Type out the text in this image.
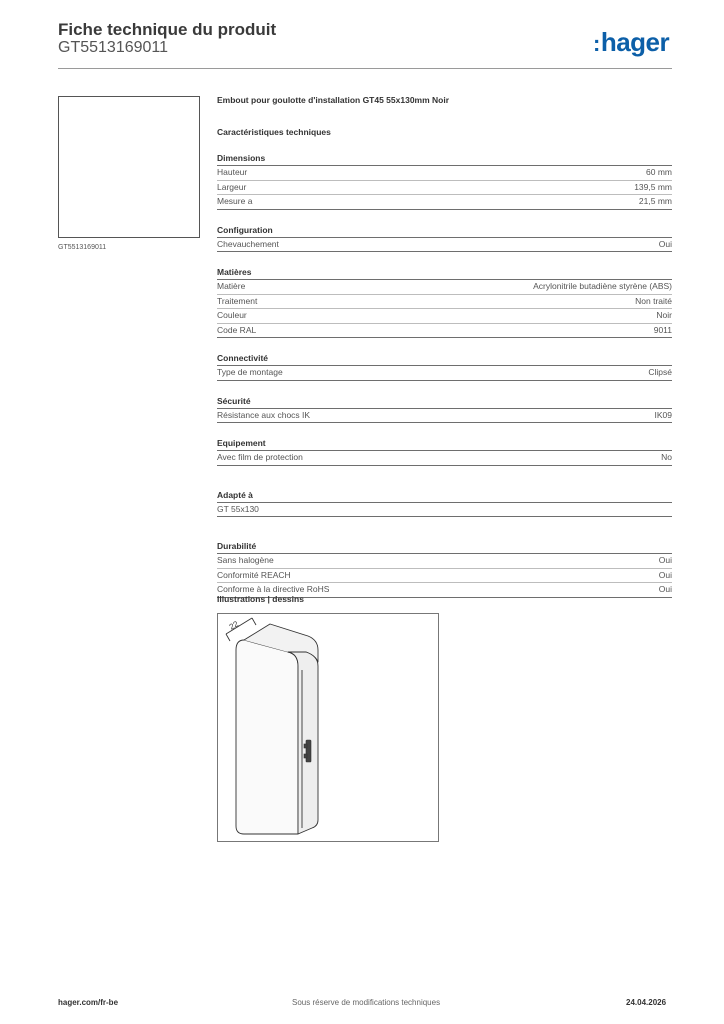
Fiche technique du produit
GT5513169011	:hager
GT5513169011
Embout pour goulotte d'installation GT45 55x130mm Noir
Caractéristiques techniques
Dimensions
Hauteur	60 mm
Largeur	139,5 mm
Mesure a	21,5 mm
Configuration
Chevauchement	Oui
Matières
Matière	Acrylonitrile butadiène styrène (ABS)
Traitement	Non traité
Couleur	Noir
Code RAL	9011
Connectivité
Type de montage	Clipsé
Sécurité
Résistance aux chocs IK	IK09
Equipement
Avec film de protection	No
Adapté à
GT 55x130
Durabilité
Sans halogène	Oui
Conformité REACH	Oui
Conforme à la directive RoHS	Oui
Illustrations | dessins
22
hager.com/fr-be	Sous réserve de modifications techniques	24.04.2026
